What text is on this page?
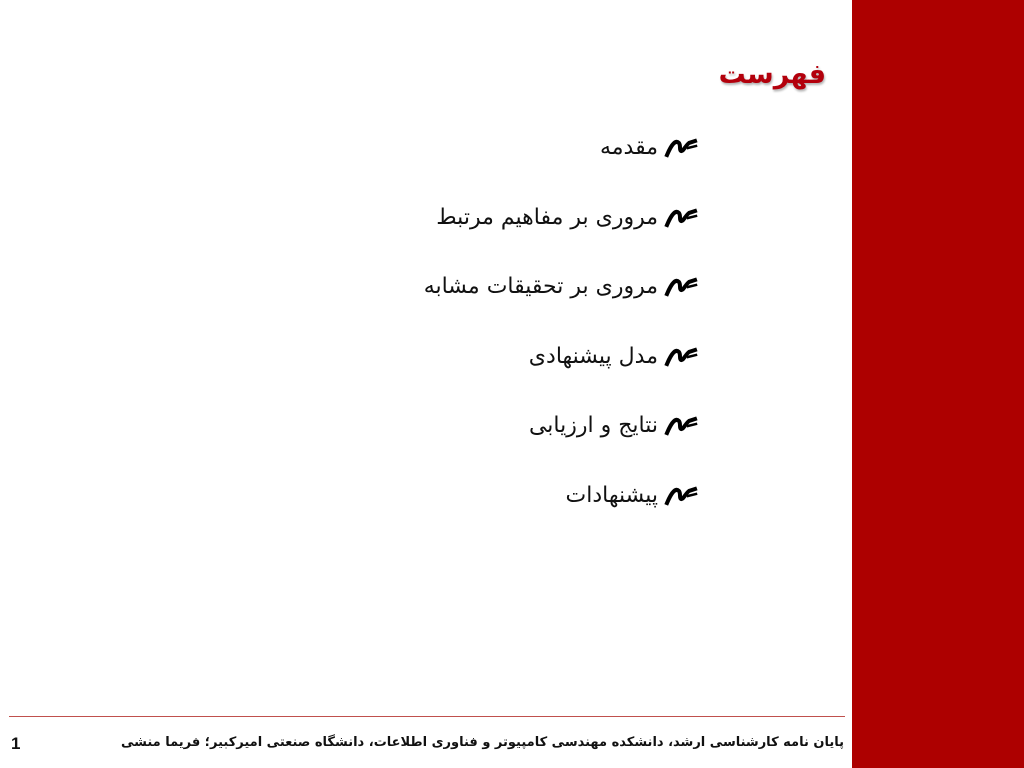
فهرست
مقدمه
مروری بر مفاهیم مرتبط
مروری بر تحقیقات مشابه
مدل پیشنهادی
نتایج و ارزیابی
پیشنهادات

پایان نامه کارشناسی ارشد، دانشکده مهندسی کامپیوتر و فناوری اطلاعات، دانشگاه صنعتی امیرکبیر؛ فریما منشی

1
